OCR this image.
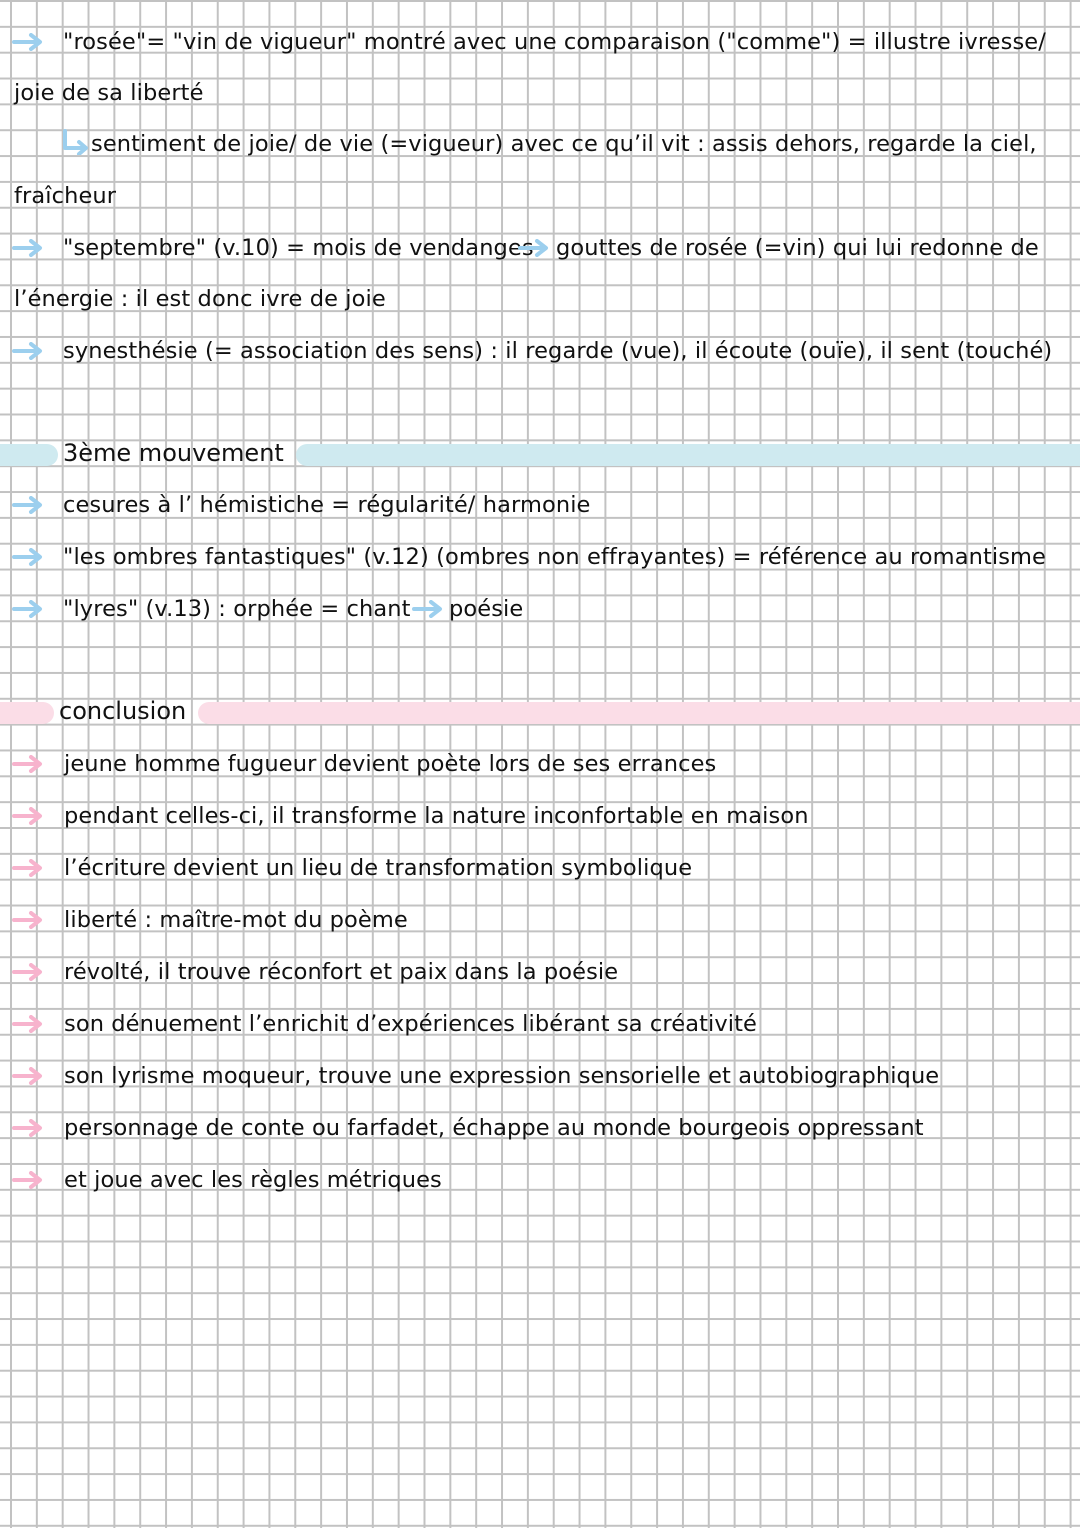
"rosée"= "vin de vigueur" montré avec une comparaison ("comme") = illustre ivresse/
joie de sa liberté
sentiment de joie/ de vie (=vigueur) avec ce qu’il vit : assis dehors, regarde la ciel,
fraîcheur
"septembre" (v.10) = mois de vendanges gouttes de rosée (=vin) qui lui redonne de
l’énergie : il est donc ivre de joie
synesthésie (= association des sens) : il regarde (vue), il écoute (ouïe), il sent (touché)
3ème mouvement
cesures à l’ hémistiche = régularité/ harmonie
"les ombres fantastiques" (v.12) (ombres non effrayantes) = référence au romantisme
"lyres" (v.13) : orphée = chant poésie
conclusion
jeune homme fugueur devient poète lors de ses errances
pendant celles-ci, il transforme la nature inconfortable en maison
l’écriture devient un lieu de transformation symbolique
liberté : maître-mot du poème
révolté, il trouve réconfort et paix dans la poésie
son dénuement l’enrichit d’expériences libérant sa créativité
son lyrisme moqueur, trouve une expression sensorielle et autobiographique
personnage de conte ou farfadet, échappe au monde bourgeois oppressant
et joue avec les règles métriques
